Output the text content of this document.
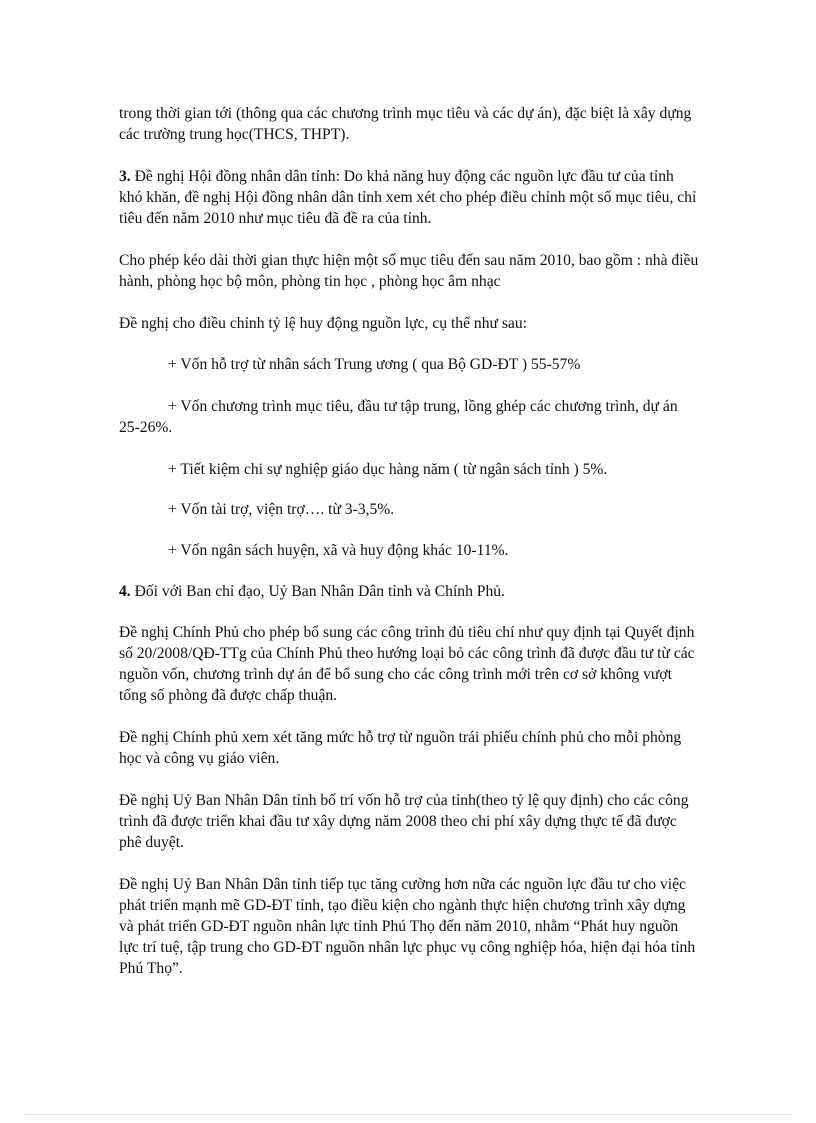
trong thời gian tới (thông qua các chương trình mục tiêu và các dự án), đặc biệt là xây dựng các trường trung học(THCS, THPT).

3. Đề nghị Hội đồng nhân dân tỉnh: Do khả năng huy động các nguồn lực đầu tư của tỉnh khó khăn, đề nghị Hội đồng nhân dân tỉnh xem xét cho phép điều chỉnh một số mục tiêu, chỉ tiêu đến năm 2010 như mục tiêu đã đề ra của tỉnh.

Cho phép kéo dài thời gian thực hiện một số mục tiêu đến sau năm 2010, bao gồm : nhà điều hành, phòng học bộ môn, phòng tin học , phòng học âm nhạc

Đề nghị cho điều chỉnh tỷ lệ huy động nguồn lực, cụ thể như sau:

+ Vốn hỗ trợ từ nhân sách Trung ương ( qua Bộ GD-ĐT ) 55-57%

+ Vốn chương trình mục tiêu, đầu tư tập trung, lồng ghép các chương trình, dự án 25-26%.

+ Tiết kiệm chi sự nghiệp giáo dục hàng năm ( từ ngân sách tỉnh ) 5%.

+ Vốn tài trợ, viện trợ…. từ 3-3,5%.

+ Vốn ngân sách huyện, xã và huy động khác 10-11%.

4. Đối với Ban chỉ đạo, Uỷ Ban Nhân Dân tỉnh và Chính Phủ.

Đề nghị Chính Phủ cho phép bổ sung các công trình đủ tiêu chí như quy định tại Quyết định số 20/2008/QĐ-TTg của Chính Phủ theo hướng loại bỏ các công trình đã được đầu tư từ các nguồn vốn, chương trình dự án để bổ sung cho các công trình mới trên cơ sở không vượt tổng số phòng đã được chấp thuận.

Đề nghị Chính phủ xem xét tăng mức hỗ trợ từ nguồn trái phiếu chính phủ cho mỗi phòng học và công vụ giáo viên.

Đề nghị Uỷ Ban Nhân Dân tỉnh bố trí vốn hỗ trợ của tỉnh(theo tỷ lệ quy định) cho các công trình đã được triển khai đầu tư xây dựng năm 2008 theo chi phí xây dựng thực tế đã được phê duyệt.

Đề nghị Uỷ Ban Nhân Dân tỉnh tiếp tục tăng cường hơn nữa các nguồn lực đầu tư cho việc phát triển mạnh mẽ GD-ĐT tỉnh, tạo điều kiện cho ngành thực hiện chương trình xây dựng và phát triển GD-ĐT nguồn nhân lực tỉnh Phú Thọ đến năm 2010, nhằm “Phát huy nguồn lực trí tuệ, tập trung cho GD-ĐT nguồn nhân lực phục vụ công nghiệp hóa, hiện đại hóa tỉnh Phú Thọ”.
